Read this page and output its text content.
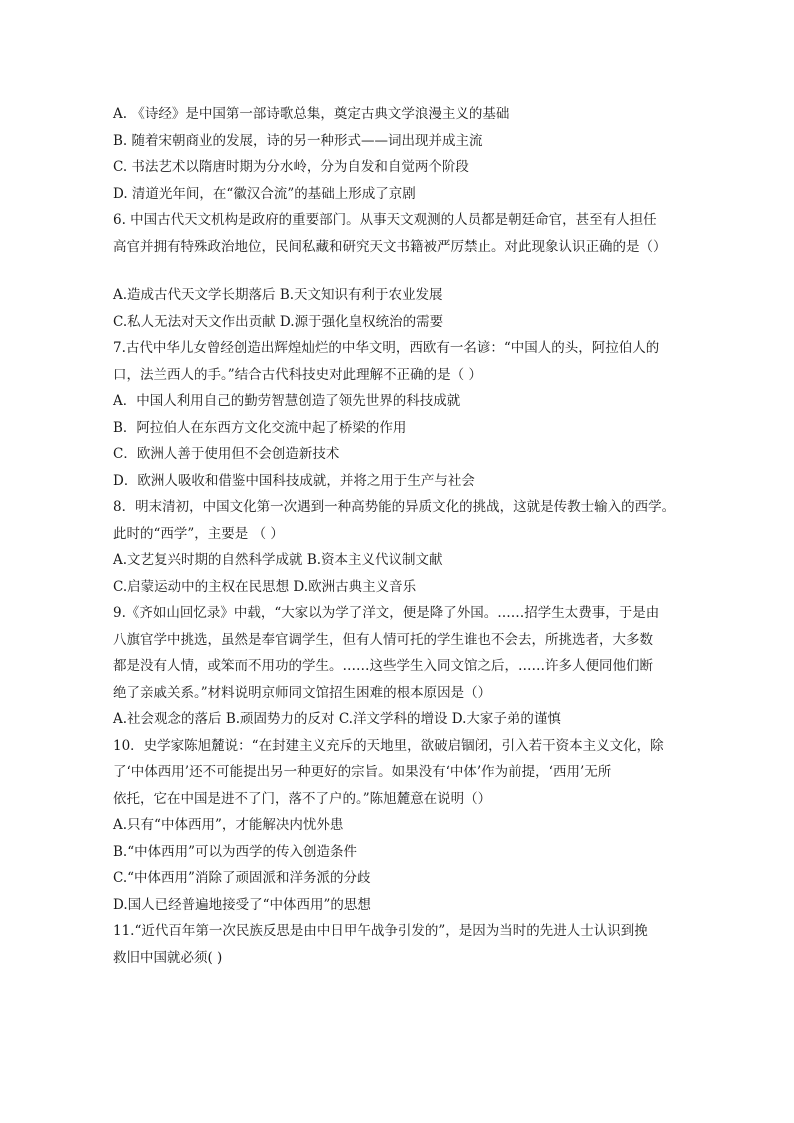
A. 《诗经》是中国第一部诗歌总集，奠定古典文学浪漫主义的基础
B. 随着宋朝商业的发展，诗的另一种形式——词出现并成主流
C. 书法艺术以隋唐时期为分水岭，分为自发和自觉两个阶段
D. 清道光年间，在“徽汉合流”的基础上形成了京剧
6. 中国古代天文机构是政府的重要部门。从事天文观测的人员都是朝廷命官，甚至有人担任
高官并拥有特殊政治地位，民间私藏和研究天文书籍被严厉禁止。对此现象认识正确的是（）
A.造成古代天文学长期落后 B.天文知识有利于农业发展
C.私人无法对天文作出贡献 D.源于强化皇权统治的需要
7.古代中华儿女曾经创造出辉煌灿烂的中华文明，西欧有一名谚：“中国人的头，阿拉伯人的
口，法兰西人的手。”结合古代科技史对此理解不正确的是（ ）
A．中国人利用自己的勤劳智慧创造了领先世界的科技成就
B．阿拉伯人在东西方文化交流中起了桥梁的作用
C．欧洲人善于使用但不会创造新技术
D．欧洲人吸收和借鉴中国科技成就，并将之用于生产与社会
8．明末清初，中国文化第一次遇到一种高势能的异质文化的挑战，这就是传教士输入的西学。
此时的“西学”，主要是 （ ）
A.文艺复兴时期的自然科学成就 B.资本主义代议制文献
C.启蒙运动中的主权在民思想 D.欧洲古典主义音乐
9.《齐如山回忆录》中载，“大家以为学了洋文，便是降了外国。……招学生太费事，于是由
八旗官学中挑选，虽然是奉官调学生，但有人情可托的学生谁也不会去，所挑选者，大多数
都是没有人情，或笨而不用功的学生。……这些学生入同文馆之后，……许多人便同他们断
绝了亲戚关系。”材料说明京师同文馆招生困难的根本原因是（）
A.社会观念的落后 B.顽固势力的反对 C.洋文学科的增设 D.大家子弟的谨慎
10．史学家陈旭麓说：“在封建主义充斥的天地里，欲破启锢闭，引入若干资本主义文化，除
了‘中体西用’还不可能提出另一种更好的宗旨。如果没有‘中体’作为前提，‘西用’无所
依托，它在中国是进不了门，落不了户的。”陈旭麓意在说明（）
A.只有“中体西用”，才能解决内忧外患
B.“中体西用”可以为西学的传入创造条件
C.“中体西用”消除了顽固派和洋务派的分歧
D.国人已经普遍地接受了“中体西用”的思想
11.“近代百年第一次民族反思是由中日甲午战争引发的”，是因为当时的先进人士认识到挽
救旧中国就必须( )
